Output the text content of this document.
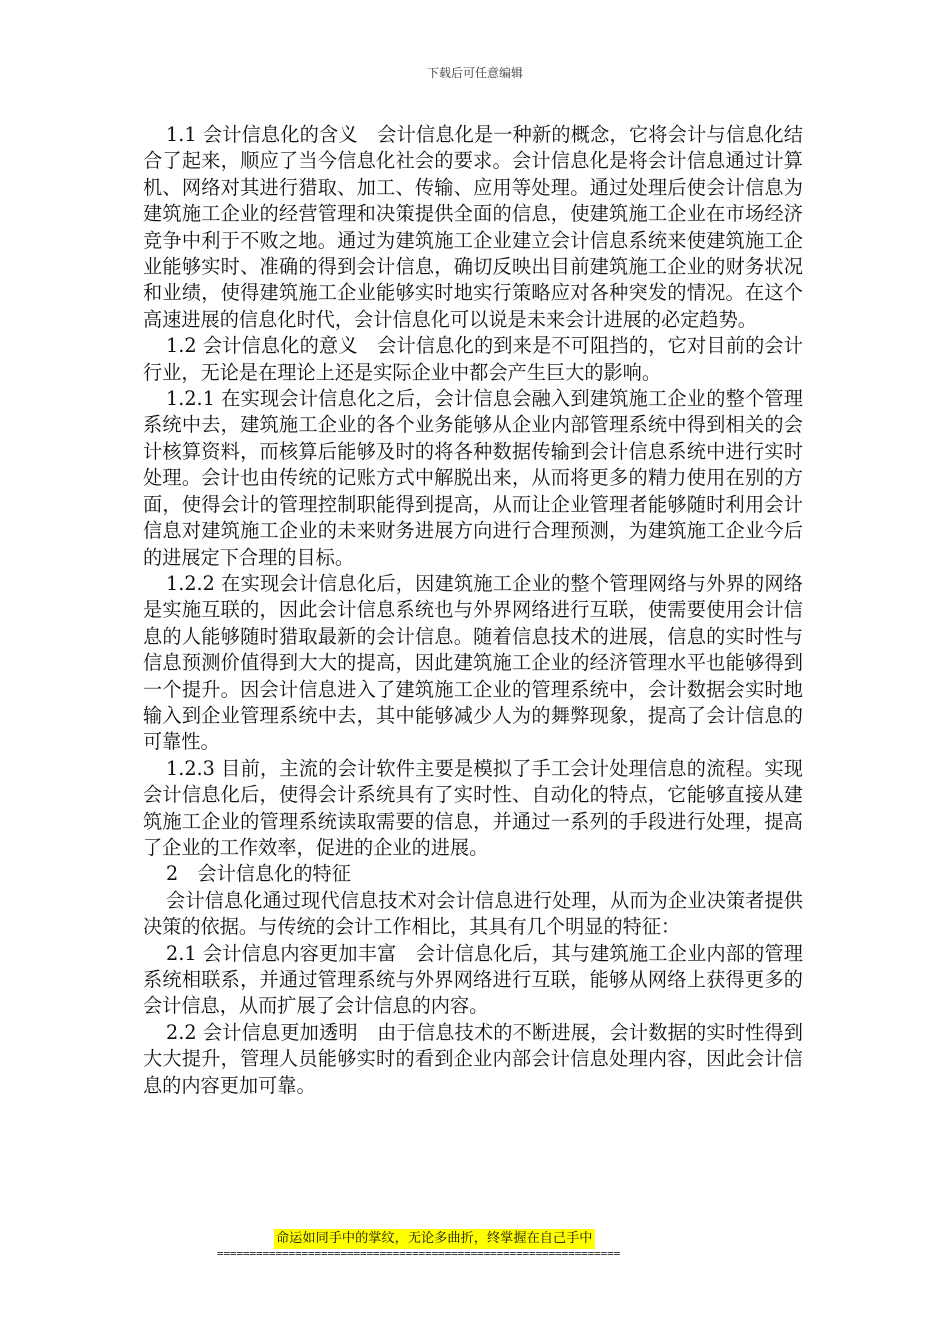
下载后可任意编辑

1.1 会计信息化的含义　会计信息化是一种新的概念，它将会计与信息化结合了起来，顺应了当今信息化社会的要求。会计信息化是将会计信息通过计算机、网络对其进行猎取、加工、传输、应用等处理。通过处理后使会计信息为建筑施工企业的经营管理和决策提供全面的信息，使建筑施工企业在市场经济竞争中利于不败之地。通过为建筑施工企业建立会计信息系统来使建筑施工企业能够实时、准确的得到会计信息，确切反映出目前建筑施工企业的财务状况和业绩，使得建筑施工企业能够实时地实行策略应对各种突发的情况。在这个高速进展的信息化时代，会计信息化可以说是未来会计进展的必定趋势。

1.2 会计信息化的意义　会计信息化的到来是不可阻挡的，它对目前的会计行业，无论是在理论上还是实际企业中都会产生巨大的影响。

1.2.1 在实现会计信息化之后，会计信息会融入到建筑施工企业的整个管理系统中去，建筑施工企业的各个业务能够从企业内部管理系统中得到相关的会计核算资料，而核算后能够及时的将各种数据传输到会计信息系统中进行实时处理。会计也由传统的记账方式中解脱出来，从而将更多的精力使用在别的方面，使得会计的管理控制职能得到提高，从而让企业管理者能够随时利用会计信息对建筑施工企业的未来财务进展方向进行合理预测，为建筑施工企业今后的进展定下合理的目标。

1.2.2 在实现会计信息化后，因建筑施工企业的整个管理网络与外界的网络是实施互联的，因此会计信息系统也与外界网络进行互联，使需要使用会计信息的人能够随时猎取最新的会计信息。随着信息技术的进展，信息的实时性与信息预测价值得到大大的提高，因此建筑施工企业的经济管理水平也能够得到一个提升。因会计信息进入了建筑施工企业的管理系统中，会计数据会实时地输入到企业管理系统中去，其中能够减少人为的舞弊现象，提高了会计信息的可靠性。

1.2.3 目前，主流的会计软件主要是模拟了手工会计处理信息的流程。实现会计信息化后，使得会计系统具有了实时性、自动化的特点，它能够直接从建筑施工企业的管理系统读取需要的信息，并通过一系列的手段进行处理，提高了企业的工作效率，促进的企业的进展。

2　会计信息化的特征

会计信息化通过现代信息技术对会计信息进行处理，从而为企业决策者提供决策的依据。与传统的会计工作相比，其具有几个明显的特征：

2.1 会计信息内容更加丰富　会计信息化后，其与建筑施工企业内部的管理系统相联系，并通过管理系统与外界网络进行互联，能够从网络上获得更多的会计信息，从而扩展了会计信息的内容。

2.2 会计信息更加透明　由于信息技术的不断进展，会计数据的实时性得到大大提升，管理人员能够实时的看到企业内部会计信息处理内容，因此会计信息的内容更加可靠。

命运如同手中的掌纹，无论多曲折，终掌握在自己手中
==============================================================
